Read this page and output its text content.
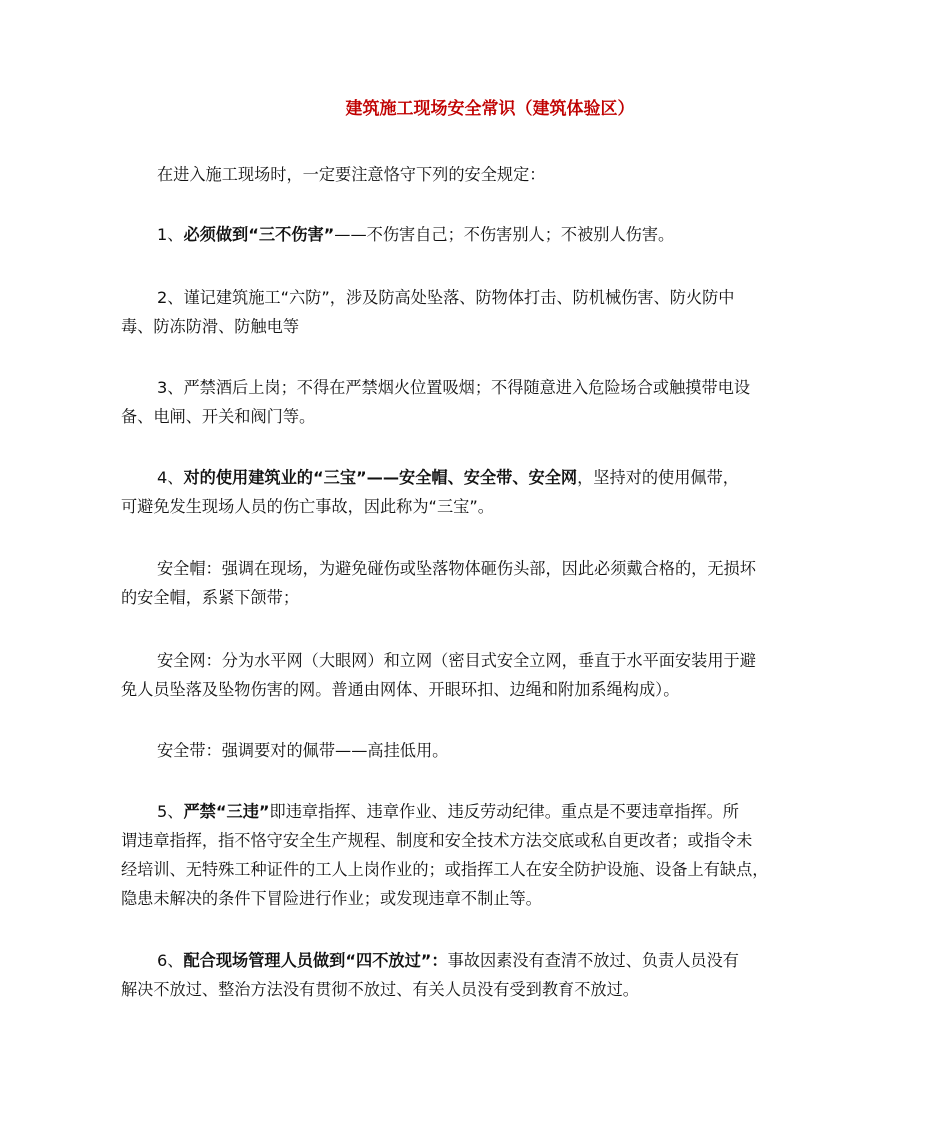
建筑施工现场安全常识（建筑体验区）

在进入施工现场时，一定要注意恪守下列的安全规定：

1、必须做到“三不伤害”——不伤害自己；不伤害别人；不被别人伤害。

2、谨记建筑施工“六防”，涉及防高处坠落、防物体打击、防机械伤害、防火防中
毒、防冻防滑、防触电等
3、严禁酒后上岗；不得在严禁烟火位置吸烟；不得随意进入危险场合或触摸带电设
备、电闸、开关和阀门等。
4、对的使用建筑业的“三宝”——安全帽、安全带、安全网，坚持对的使用佩带，
可避免发生现场人员的伤亡事故，因此称为“三宝”。
安全帽：强调在现场，为避免碰伤或坠落物体砸伤头部，因此必须戴合格的，无损坏
的安全帽，系紧下颌带；
安全网：分为水平网（大眼网）和立网（密目式安全立网，垂直于水平面安装用于避
免人员坠落及坠物伤害的网。普通由网体、开眼环扣、边绳和附加系绳构成）。

安全带：强调要对的佩带——高挂低用。

5、严禁“三违”即违章指挥、违章作业、违反劳动纪律。重点是不要违章指挥。所
谓违章指挥，指不恪守安全生产规程、制度和安全技术方法交底或私自更改者；或指令未
经培训、无特殊工种证件的工人上岗作业的；或指挥工人在安全防护设施、设备上有缺点，
隐患未解决的条件下冒险进行作业；或发现违章不制止等。
6、配合现场管理人员做到“四不放过”：事故因素没有查清不放过、负责人员没有
解决不放过、整治方法没有贯彻不放过、有关人员没有受到教育不放过。
